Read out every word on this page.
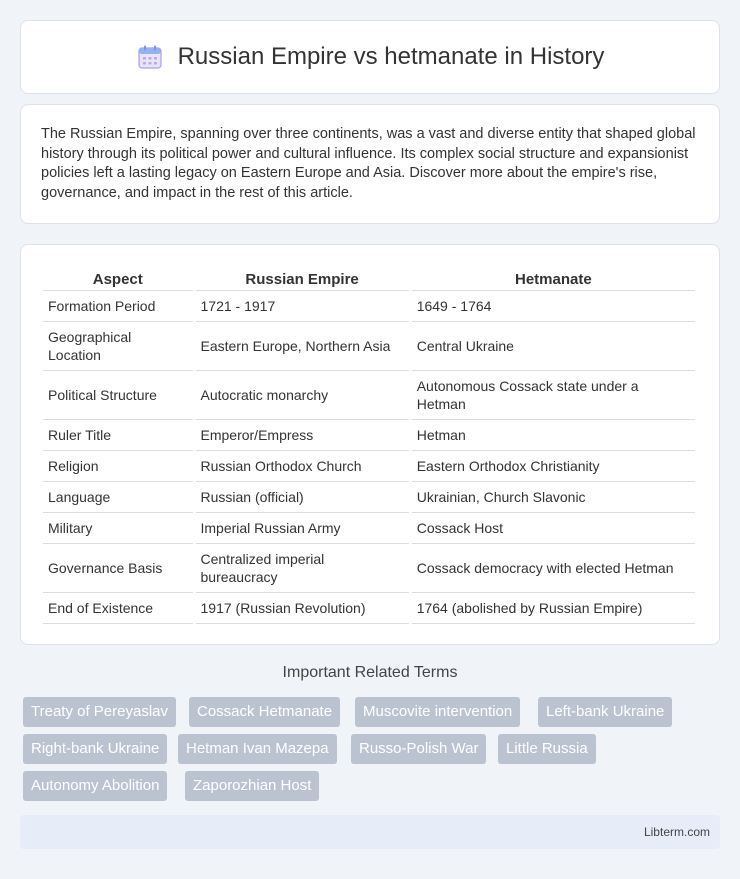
Russian Empire vs hetmanate in History

The Russian Empire, spanning over three continents, was a vast and diverse entity that shaped global history through its political power and cultural influence. Its complex social structure and expansionist policies left a lasting legacy on Eastern Europe and Asia. Discover more about the empire's rise, governance, and impact in the rest of this article.

Aspect	Russian Empire	Hetmanate
Formation Period	1721 - 1917	1649 - 1764
Geographical Location	Eastern Europe, Northern Asia	Central Ukraine
Political Structure	Autocratic monarchy	Autonomous Cossack state under a Hetman
Ruler Title	Emperor/Empress	Hetman
Religion	Russian Orthodox Church	Eastern Orthodox Christianity
Language	Russian (official)	Ukrainian, Church Slavonic
Military	Imperial Russian Army	Cossack Host
Governance Basis	Centralized imperial bureaucracy	Cossack democracy with elected Hetman
End of Existence	1917 (Russian Revolution)	1764 (abolished by Russian Empire)
Important Related Terms
Treaty of Pereyaslav	Cossack Hetmanate	Muscovite intervention	Left-bank Ukraine
Right-bank Ukraine	Hetman Ivan Mazepa	Russo-Polish War	Little Russia
Autonomy Abolition	Zaporozhian Host
Libterm.com
